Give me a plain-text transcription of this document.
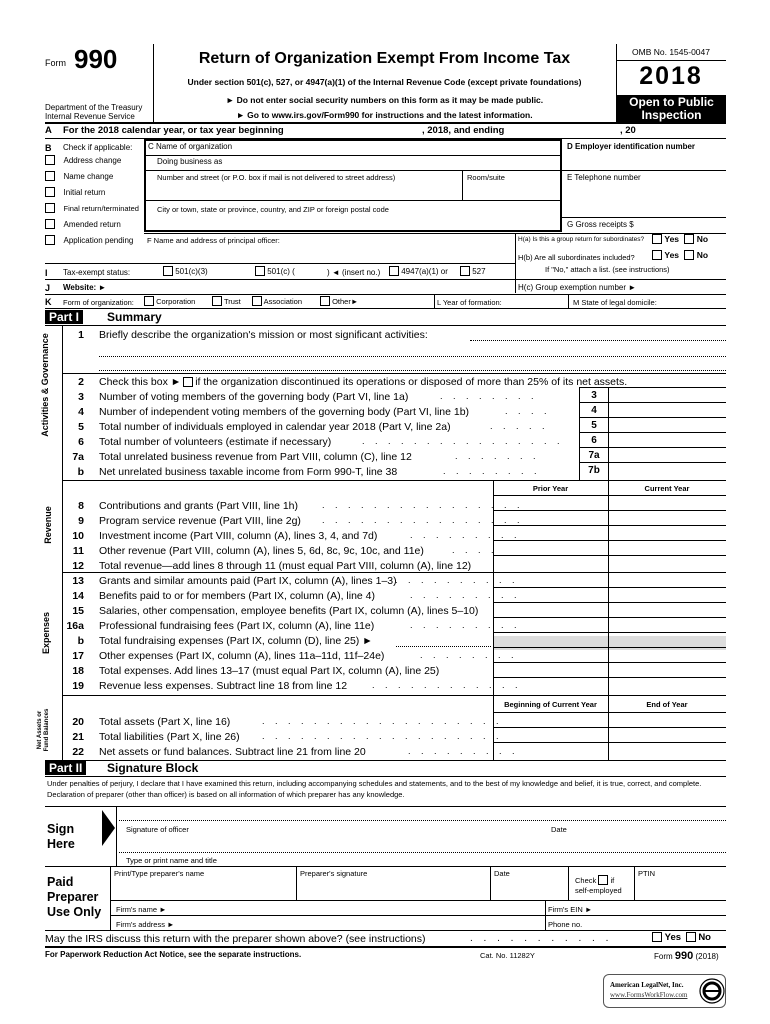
Form 990
Department of the Treasury
Internal Revenue Service
Return of Organization Exempt From Income Tax
Under section 501(c), 527, or 4947(a)(1) of the Internal Revenue Code (except private foundations)
► Do not enter social security numbers on this form as it may be made public.
► Go to www.irs.gov/Form990 for instructions and the latest information.
OMB No. 1545-0047
2018
Open to Public
Inspection
A For the 2018 calendar year, or tax year beginning	, 2018, and ending	, 20
B Check if applicable:
Address change
Name change
Initial return
Final return/terminated
Amended return
Application pending
C Name of organization
Doing business as
Number and street (or P.O. box if mail is not delivered to street address)	Room/suite
City or town, state or province, country, and ZIP or foreign postal code
D Employer identification number
E Telephone number
G Gross receipts $
F Name and address of principal officer:	H(a) Is this a group return for subordinates?	Yes No
H(b) Are all subordinates included?	Yes No
If "No," attach a list. (see instructions)
I Tax-exempt status:	501(c)(3)	501(c) (	) ◄ (insert no.)	4947(a)(1) or	527
J Website: ►	H(c) Group exemption number ►
K Form of organization:	Corporation	Trust	Association	Other►	L Year of formation:	M State of legal domicile:
Part I	Summary
Activities & Governance
Revenue
Expenses
Net Assets or Fund Balances
1 Briefly describe the organization's mission or most significant activities:
2 Check this box ► if the organization discontinued its operations or disposed of more than 25% of its net assets.
3 Number of voting members of the governing body (Part VI, line 1a)	. . . . . . . .	3
4 Number of independent voting members of the governing body (Part VI, line 1b)	. . . .	4
5 Total number of individuals employed in calendar year 2018 (Part V, line 2a)	. . . . .	5
6 Total number of volunteers (estimate if necessary)	. . . . . . . . . . . . . . . .	6
7a Total unrelated business revenue from Part VIII, column (C), line 12	. . . . . . .	7a
b Net unrelated business taxable income from Form 990-T, line 38	. . . . . . . .	7b
Prior Year	Current Year
8 Contributions and grants (Part VIII, line 1h)	. . . . . . . . . . . . . . . .
9 Program service revenue (Part VIII, line 2g) . . . . . . . . . . . . . . . .
10 Investment income (Part VIII, column (A), lines 3, 4, and 7d)	. . . . . . . . .
11 Other revenue (Part VIII, column (A), lines 5, 6d, 8c, 9c, 10c, and 11e)	. . . .
12 Total revenue—add lines 8 through 11 (must equal Part VIII, column (A), line 12)
13 Grants and similar amounts paid (Part IX, column (A), lines 1–3)
. . . . . . . . . .
14 Benefits paid to or for members (Part IX, column (A), line 4)	. . . . . . . . .
15 Salaries, other compensation, employee benefits (Part IX, column (A), lines 5–10)
16a Professional fundraising fees (Part IX, column (A), line 11e)	. . . . . . . . .
b Total fundraising expenses (Part IX, column (D), line 25) ►
17 Other expenses (Part IX, column (A), lines 11a–11d, 11f–24e)	. . . . . . . .
18 Total expenses. Add lines 13–17 (must equal Part IX, column (A), line 25)
19 Revenue less expenses. Subtract line 18 from line 12	. . . . . . . . . . . .
Beginning of Current Year	End of Year
20 Total assets (Part X, line 16)	. . . . . . . . . . . . . . . . . . .
21 Total liabilities (Part X, line 26) . . . . . . . . . . . . . . . . . . .
22 Net assets or fund balances. Subtract line 21 from line 20	. . . . . . . . .
Part II	Signature Block
Under penalties of perjury, I declare that I have examined this return, including accompanying schedules and statements, and to the best of my knowledge and belief, it is true, correct, and complete. Declaration of preparer (other than officer) is based on all information of which preparer has any knowledge.
Sign
Here
Signature of officer	Date
Type or print name and title
Paid
Preparer
Use Only
Print/Type preparer's name	Preparer's signature	Date
Check if
self-employed
PTIN
Firm's name ►	Firm's EIN ►
Firm's address ►	Phone no.
May the IRS discuss this return with the preparer shown above? (see instructions)	. . . . . . . . . . .	Yes No
For Paperwork Reduction Act Notice, see the separate instructions.	Cat. No. 11282Y	Form 990 (2018)
American LegalNet, Inc.
www.FormsWorkFlow.com
